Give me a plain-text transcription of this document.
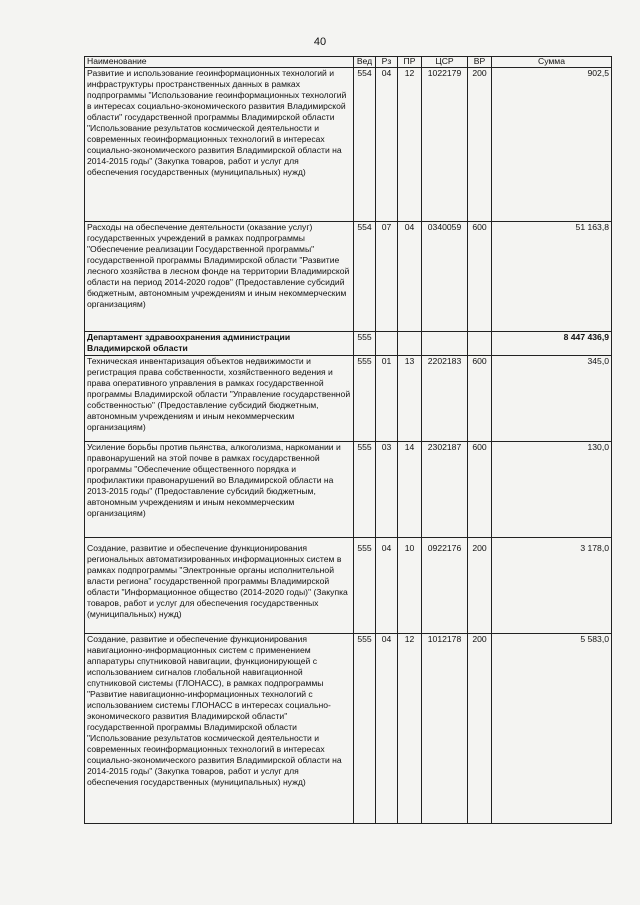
40
Наименование	Вед	Рз	ПР	ЦСР	ВР	Сумма
Развитие и использование геоинформационных технологий и инфраструктуры пространственных данных в рамках подпрограммы "Использование геоинформационных технологий в интересах социально-экономического развития Владимирской области" государственной программы Владимирской области "Использование результатов космической деятельности и современных геоинформационных технологий в интересах социально-экономического развития Владимирской области на 2014-2015 годы" (Закупка товаров, работ и услуг для обеспечения государственных (муниципальных) нужд)	554	04	12	1022179	200	902,5
Расходы на обеспечение деятельности (оказание услуг) государственных учреждений в рамках подпрограммы "Обеспечение реализации Государственной программы" государственной программы Владимирской области "Развитие лесного хозяйства в лесном фонде на территории Владимирской области на период 2014-2020 годов" (Предоставление субсидий бюджетным, автономным учреждениям и иным некоммерческим организациям)	554	07	04	0340059	600	51 163,8
Департамент здравоохранения администрации Владимирской области	555					8 447 436,9
Техническая инвентаризация объектов недвижимости и регистрация права собственности, хозяйственного ведения и права оперативного управления в рамках государственной программы Владимирской области "Управление государственной собственностью" (Предоставление субсидий бюджетным, автономным учреждениям и иным некоммерческим организациям)	555	01	13	2202183	600	345,0
Усиление борьбы против пьянства, алкоголизма, наркомании и правонарушений на этой почве в рамках государственной программы "Обеспечение общественного порядка и профилактики правонарушений во Владимирской области на 2013-2015 годы" (Предоставление субсидий бюджетным, автономным учреждениям и иным некоммерческим организациям)	555	03	14	2302187	600	130,0
Создание, развитие и обеспечение функционирования региональных автоматизированных информационных систем в рамках подпрограммы "Электронные органы исполнительной власти региона" государственной программы Владимирской области "Информационное общество (2014-2020 годы)" (Закупка товаров, работ и услуг для обеспечения государственных (муниципальных) нужд)	555	04	10	0922176	200	3 178,0
Создание, развитие и обеспечение функционирования навигационно-информационных систем с применением аппаратуры спутниковой навигации, функционирующей с использованием сигналов глобальной навигационной спутниковой системы (ГЛОНАСС), в рамках подпрограммы "Развитие навигационно-информационных технологий с использованием системы ГЛОНАСС в интересах социально-экономического развития Владимирской области" государственной программы Владимирской области "Использование результатов космической деятельности и современных геоинформационных технологий в интересах социально-экономического развития Владимирской области на 2014-2015 годы" (Закупка товаров, работ и услуг для обеспечения государственных (муниципальных) нужд)	555	04	12	1012178	200	5 583,0
